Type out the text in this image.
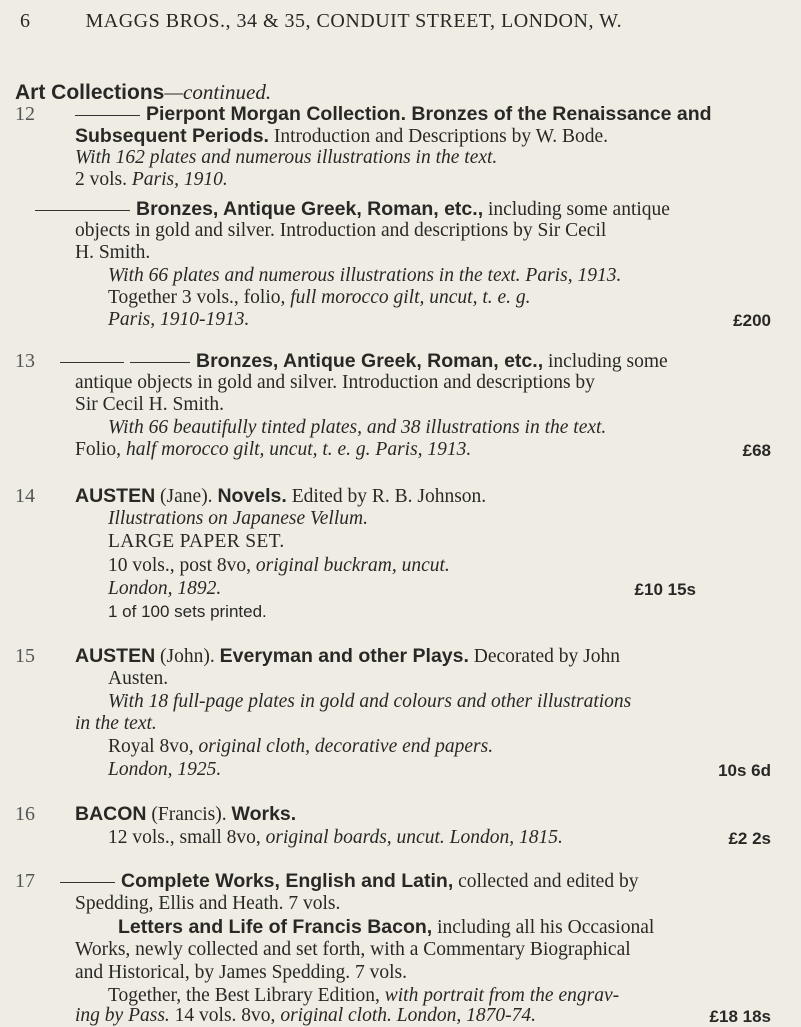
6	MAGGS BROS., 34 & 35, CONDUIT STREET, LONDON, W.
Art Collections—continued.
12	Pierpont Morgan Collection. Bronzes of the Renaissance and
Subsequent Periods. Introduction and Descriptions by W. Bode.
With 162 plates and numerous illustrations in the text.
2 vols. Paris, 1910.
Bronzes, Antique Greek, Roman, etc., including some antique
objects in gold and silver. Introduction and descriptions by Sir Cecil
H. Smith.
With 66 plates and numerous illustrations in the text. Paris, 1913.
Together 3 vols., folio, full morocco gilt, uncut, t. e. g.
Paris, 1910-1913.	£200
13	Bronzes, Antique Greek, Roman, etc., including some
antique objects in gold and silver. Introduction and descriptions by
Sir Cecil H. Smith.
With 66 beautifully tinted plates, and 38 illustrations in the text.
Folio, half morocco gilt, uncut, t. e. g. Paris, 1913.	£68
14 AUSTEN (Jane). Novels. Edited by R. B. Johnson.
Illustrations on Japanese Vellum.
LARGE PAPER SET.
10 vols., post 8vo, original buckram, uncut.
London, 1892.	£10 15s
1 of 100 sets printed.
15 AUSTEN (John). Everyman and other Plays. Decorated by John
Austen.
With 18 full-page plates in gold and colours and other illustrations
in the text.
Royal 8vo, original cloth, decorative end papers.
London, 1925.	10s 6d
16 BACON (Francis). Works.
12 vols., small 8vo, original boards, uncut. London, 1815.	£2 2s
17	Complete Works, English and Latin, collected and edited by
Spedding, Ellis and Heath. 7 vols.
Letters and Life of Francis Bacon, including all his Occasional
Works, newly collected and set forth, with a Commentary Biographical
and Historical, by James Spedding. 7 vols.
Together, the Best Library Edition, with portrait from the engrav-
ing by Pass. 14 vols. 8vo, original cloth. London, 1870-74.	£18 18s
